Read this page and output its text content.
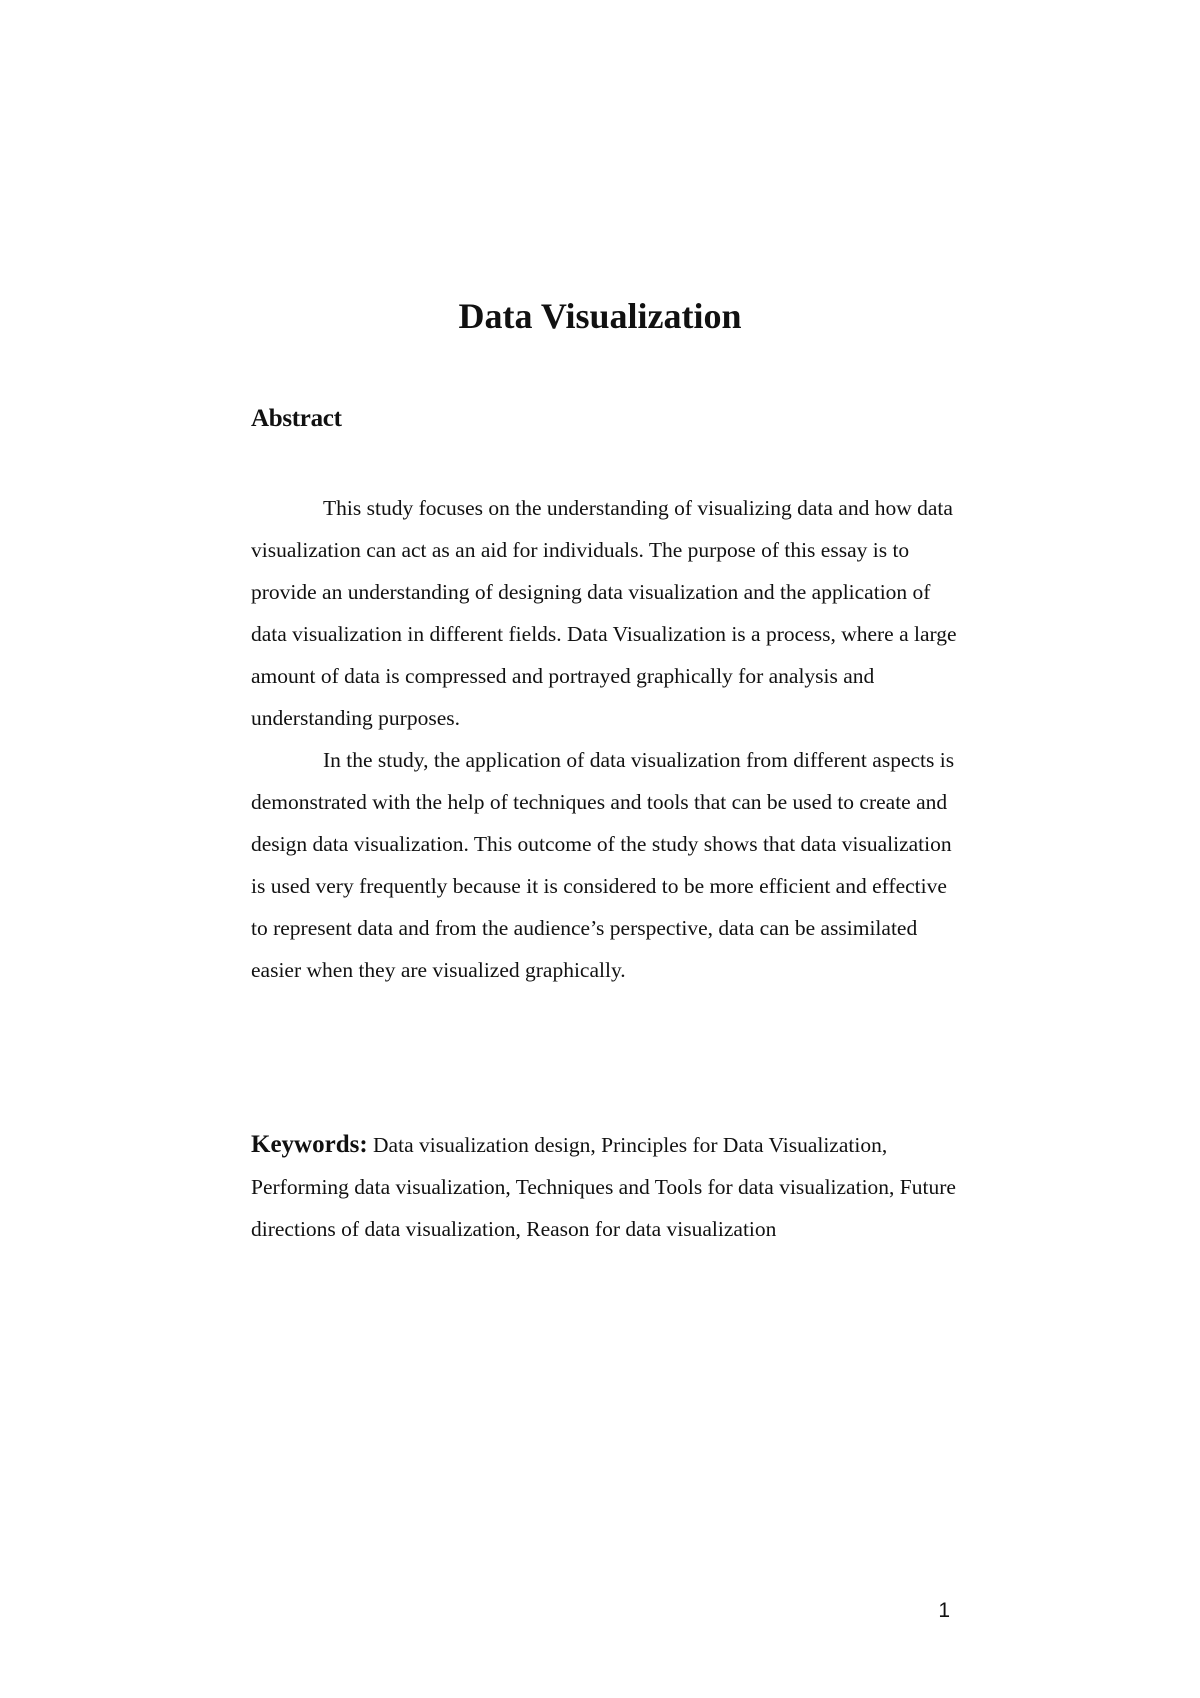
Data Visualization
Abstract

This study focuses on the understanding of visualizing data and how data visualization can act as an aid for individuals. The purpose of this essay is to provide an understanding of designing data visualization and the application of data visualization in different fields. Data Visualization is a process, where a large amount of data is compressed and portrayed graphically for analysis and understanding purposes.

In the study, the application of data visualization from different aspects is demonstrated with the help of techniques and tools that can be used to create and design data visualization. This outcome of the study shows that data visualization is used very frequently because it is considered to be more efficient and effective to represent data and from the audience’s perspective, data can be assimilated easier when they are visualized graphically.

Keywords: Data visualization design, Principles for Data Visualization, Performing data visualization, Techniques and Tools for data visualization, Future directions of data visualization, Reason for data visualization

1
